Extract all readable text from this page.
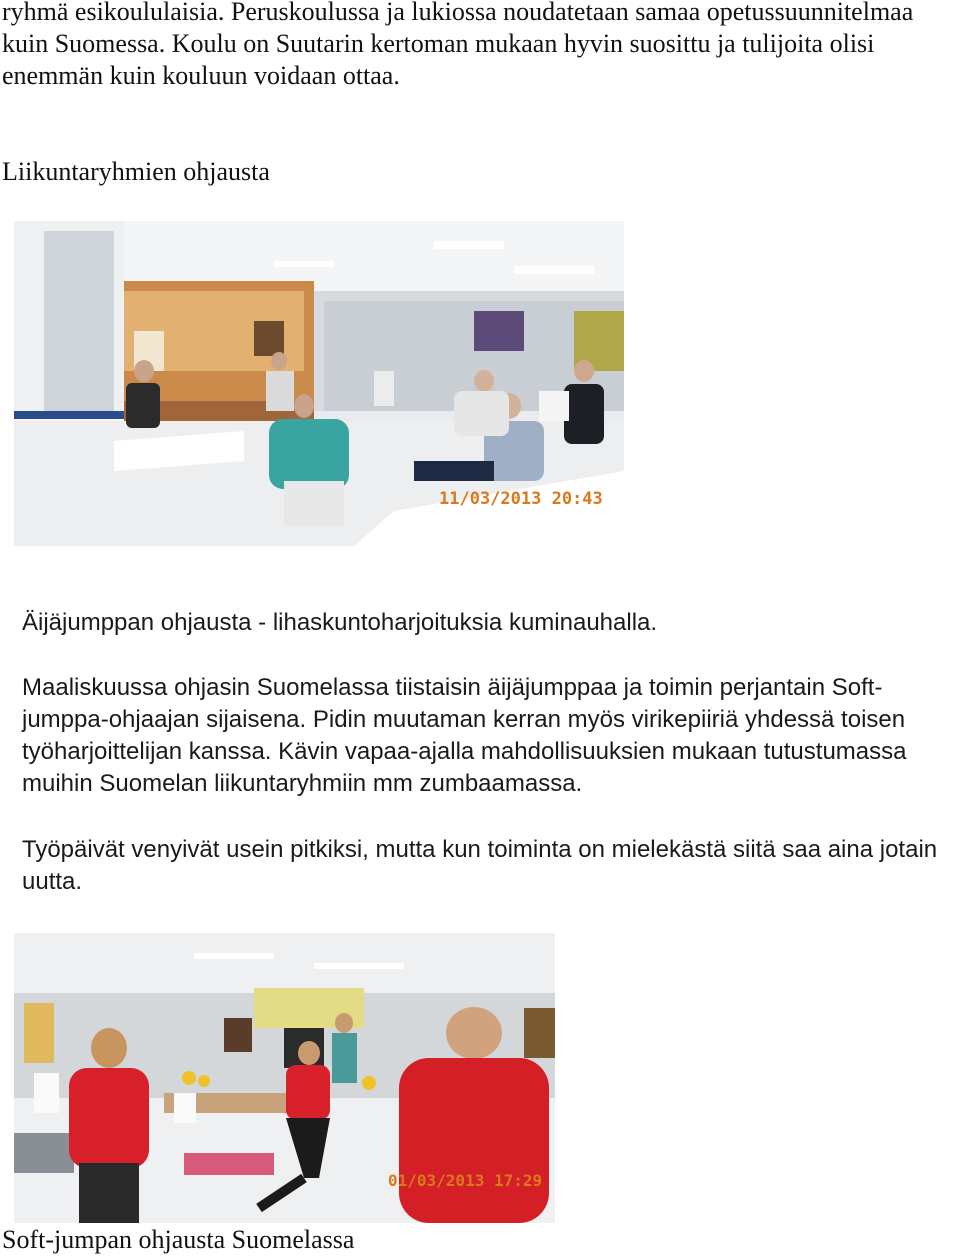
ryhmä esikoululaisia. Peruskoulussa ja lukiossa noudatetaan samaa opetussuunnitelmaa kuin Suomessa. Koulu on Suutarin kertoman mukaan hyvin suosittu ja tulijoita olisi enemmän kuin kouluun voidaan ottaa.

Liikuntaryhmien ohjausta
11/03/2013 20:43

Äijäjumppan ohjausta - lihaskuntoharjoituksia kuminauhalla.

Maaliskuussa ohjasin Suomelassa tiistaisin äijäjumppaa ja toimin perjantain Soft-jumppa-ohjaajan sijaisena. Pidin muutaman kerran myös virikepiiriä yhdessä toisen työharjoittelijan kanssa. Kävin vapaa-ajalla mahdollisuuksien mukaan tutustumassa muihin Suomelan liikuntaryhmiin mm zumbaamassa.

Työpäivät venyivät usein pitkiksi, mutta kun toiminta on mielekästä siitä saa aina jotain uutta.

01/03/2013 17:29

Soft-jumpan ohjausta Suomelassa
